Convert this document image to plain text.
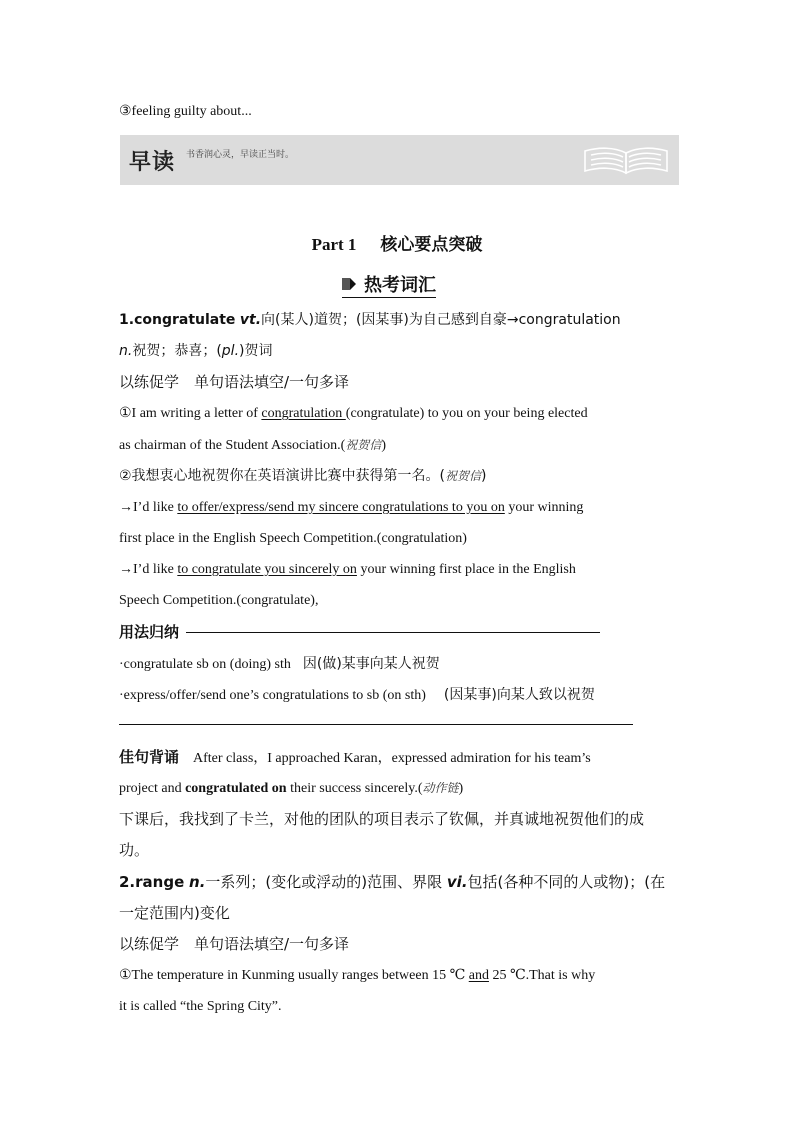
③feeling guilty about...
早读 书香润心灵，早读正当时。
Part 1 核心要点突破
热考词汇
1.congratulate vt.向(某人)道贺；(因某事)为自己感到自豪→congratulation
n.祝贺；恭喜；(pl.)贺词
以练促学　单句语法填空/一句多译
①I am writing a letter of congratulation (congratulate) to you on your being elected
as chairman of the Student Association.(祝贺信)
②我想衷心地祝贺你在英语演讲比赛中获得第一名。(祝贺信)
→I’d like to offer/express/send my sincere congratulations to you on your winning
first place in the English Speech Competition.(congratulation)
→I’d like to congratulate you sincerely on your winning first place in the English
Speech Competition.(congratulate),
用法归纳
·congratulate sb on (doing) sth 因(做)某事向某人祝贺
·express/offer/send one’s congratulations to sb (on sth) (因某事)向某人致以祝贺
佳句背诵 After class，I approached Karan，expressed admiration for his team’s
project and congratulated on their success sincerely.(动作链)
下课后，我找到了卡兰，对他的团队的项目表示了钦佩，并真诚地祝贺他们的成
功。
2.range n.一系列；(变化或浮动的)范围、界限 vi.包括(各种不同的人或物)；(在
一定范围内)变化
以练促学　单句语法填空/一句多译
①The temperature in Kunming usually ranges between 15 ℃ and 25 ℃.That is why
it is called “the Spring City”.
